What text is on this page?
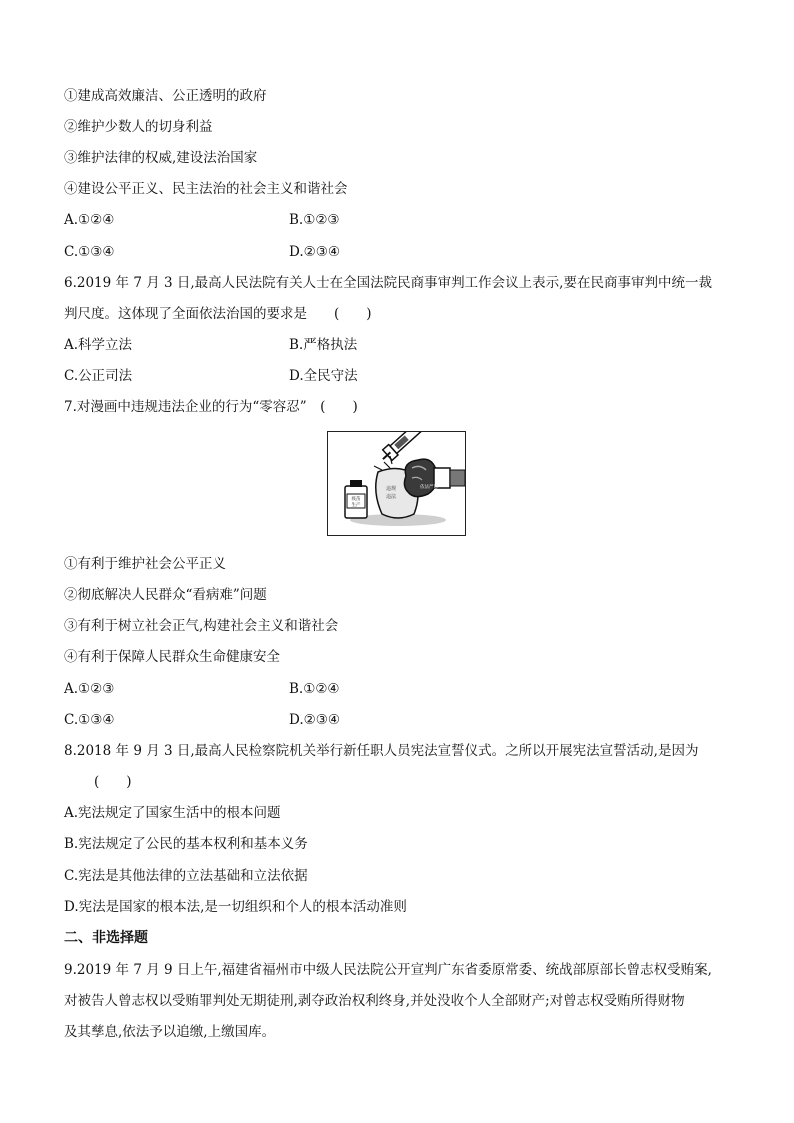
①建成高效廉洁、公正透明的政府
②维护少数人的切身利益
③维护法律的权威,建设法治国家
④建设公平正义、民主法治的社会主义和谐社会
A.①②④	B.①②③
C.①③④	D.②③④
6.2019 年 7 月 3 日,最高人民法院有关人士在全国法院民商事审判工作会议上表示,要在民商事审判中统一裁
判尺度。这体现了全面依法治国的要求是　　(　　)
A.科学立法	B.严格执法
C.公正司法	D.全民守法
7.对漫画中违规违法企业的行为“零容忍”　(　　)
违规
违法
疫苗
生产
依法严惩
①有利于维护社会公平正义
②彻底解决人民群众“看病难”问题
③有利于树立社会正气,构建社会主义和谐社会
④有利于保障人民群众生命健康安全
A.①②③	B.①②④
C.①③④	D.②③④
8.2018 年 9 月 3 日,最高人民检察院机关举行新任职人员宪法宣誓仪式。之所以开展宪法宣誓活动,是因为
(　　)
A.宪法规定了国家生活中的根本问题
B.宪法规定了公民的基本权利和基本义务
C.宪法是其他法律的立法基础和立法依据
D.宪法是国家的根本法,是一切组织和个人的根本活动准则
二、非选择题
9.2019 年 7 月 9 日上午,福建省福州市中级人民法院公开宣判广东省委原常委、统战部原部长曾志权受贿案,
对被告人曾志权以受贿罪判处无期徒刑,剥夺政治权利终身,并处没收个人全部财产;对曾志权受贿所得财物
及其孳息,依法予以追缴,上缴国库。
